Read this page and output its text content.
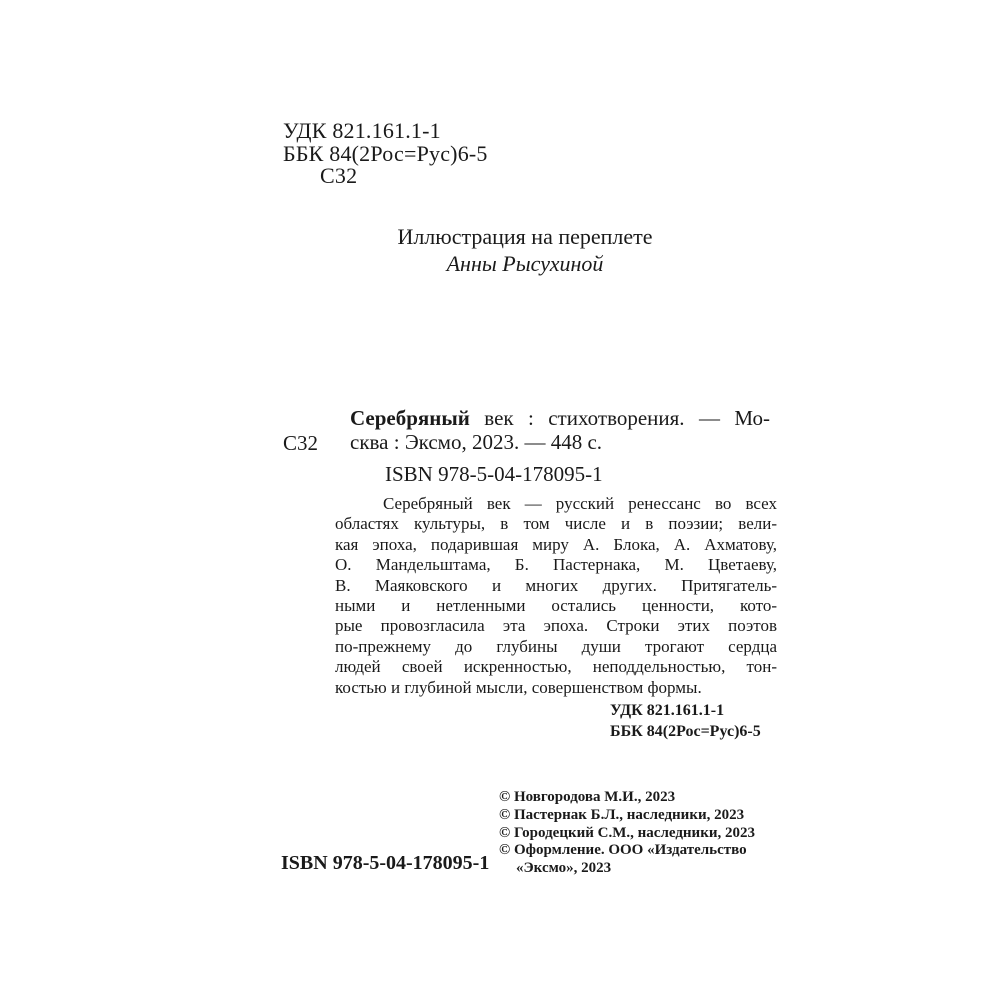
УДК 821.161.1-1
ББК 84(2Рос=Рус)6-5
С32
Иллюстрация на переплете
Анны Рысухиной
С32
Серебряный век : стихотворения. — Мо-
сква : Эксмо, 2023. — 448 с.
ISBN 978-5-04-178095-1
Серебряный век — русский ренессанс во всех
областях культуры, в том числе и в поэзии; вели-
кая эпоха, подарившая миру А. Блока, А. Ахматову,
О. Мандельштама, Б. Пастернака, М. Цветаеву,
В. Маяковского и многих других. Притягатель-
ными и нетленными остались ценности, кото-
рые провозгласила эта эпоха. Строки этих поэтов
по-прежнему до глубины души трогают сердца
людей своей искренностью, неподдельностью, тон-
костью и глубиной мысли, совершенством формы.
УДК 821.161.1-1
ББК 84(2Рос=Рус)6-5
© Новгородова М.И., 2023
© Пастернак Б.Л., наследники, 2023
© Городецкий С.М., наследники, 2023
© Оформление. ООО «Издательство
«Эксмо», 2023
ISBN 978-5-04-178095-1
